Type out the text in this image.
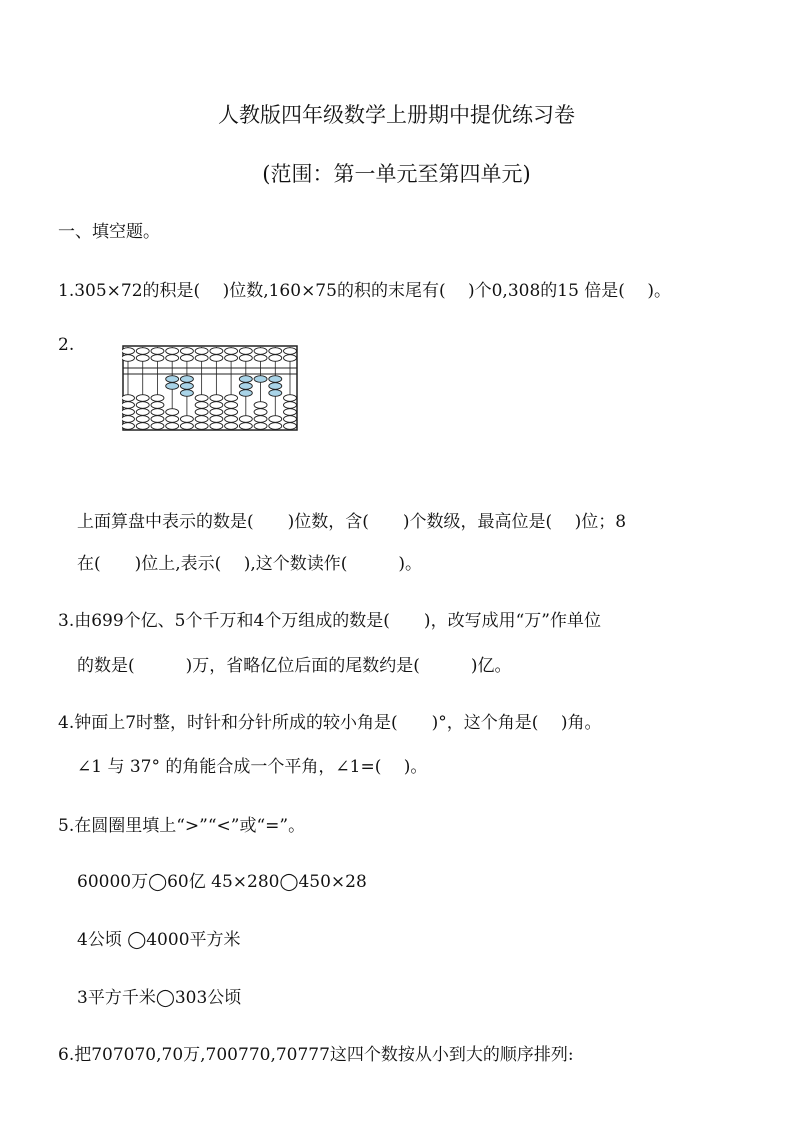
人教版四年级数学上册期中提优练习卷
(范围：第一单元至第四单元)
一、填空题。
1.305×72的积是(　 )位数,160×75的积的末尾有(　 )个0,308的15 倍是(　 )。
2.
上面算盘中表示的数是(　　)位数，含(　　)个数级，最高位是(　 )位；8
在(　　)位上,表示(　 ),这个数读作(　　　)。
3.由699个亿、5个千万和4个万组成的数是(　　)，改写成用“万”作单位
的数是(　　　)万，省略亿位后面的尾数约是(　　　)亿。
4.钟面上7时整，时针和分针所成的较小角是(　　)°，这个角是(　 )角。
∠1 与 37° 的角能合成一个平角，∠1=(　 )。
5.在圆圈里填上“>”“<”或“=”。
60000万◯60亿 45×280◯450×28
4公顷 ◯4000平方米
3平方千米◯303公顷
6.把707070,70万,700770,70777这四个数按从小到大的顺序排列:
